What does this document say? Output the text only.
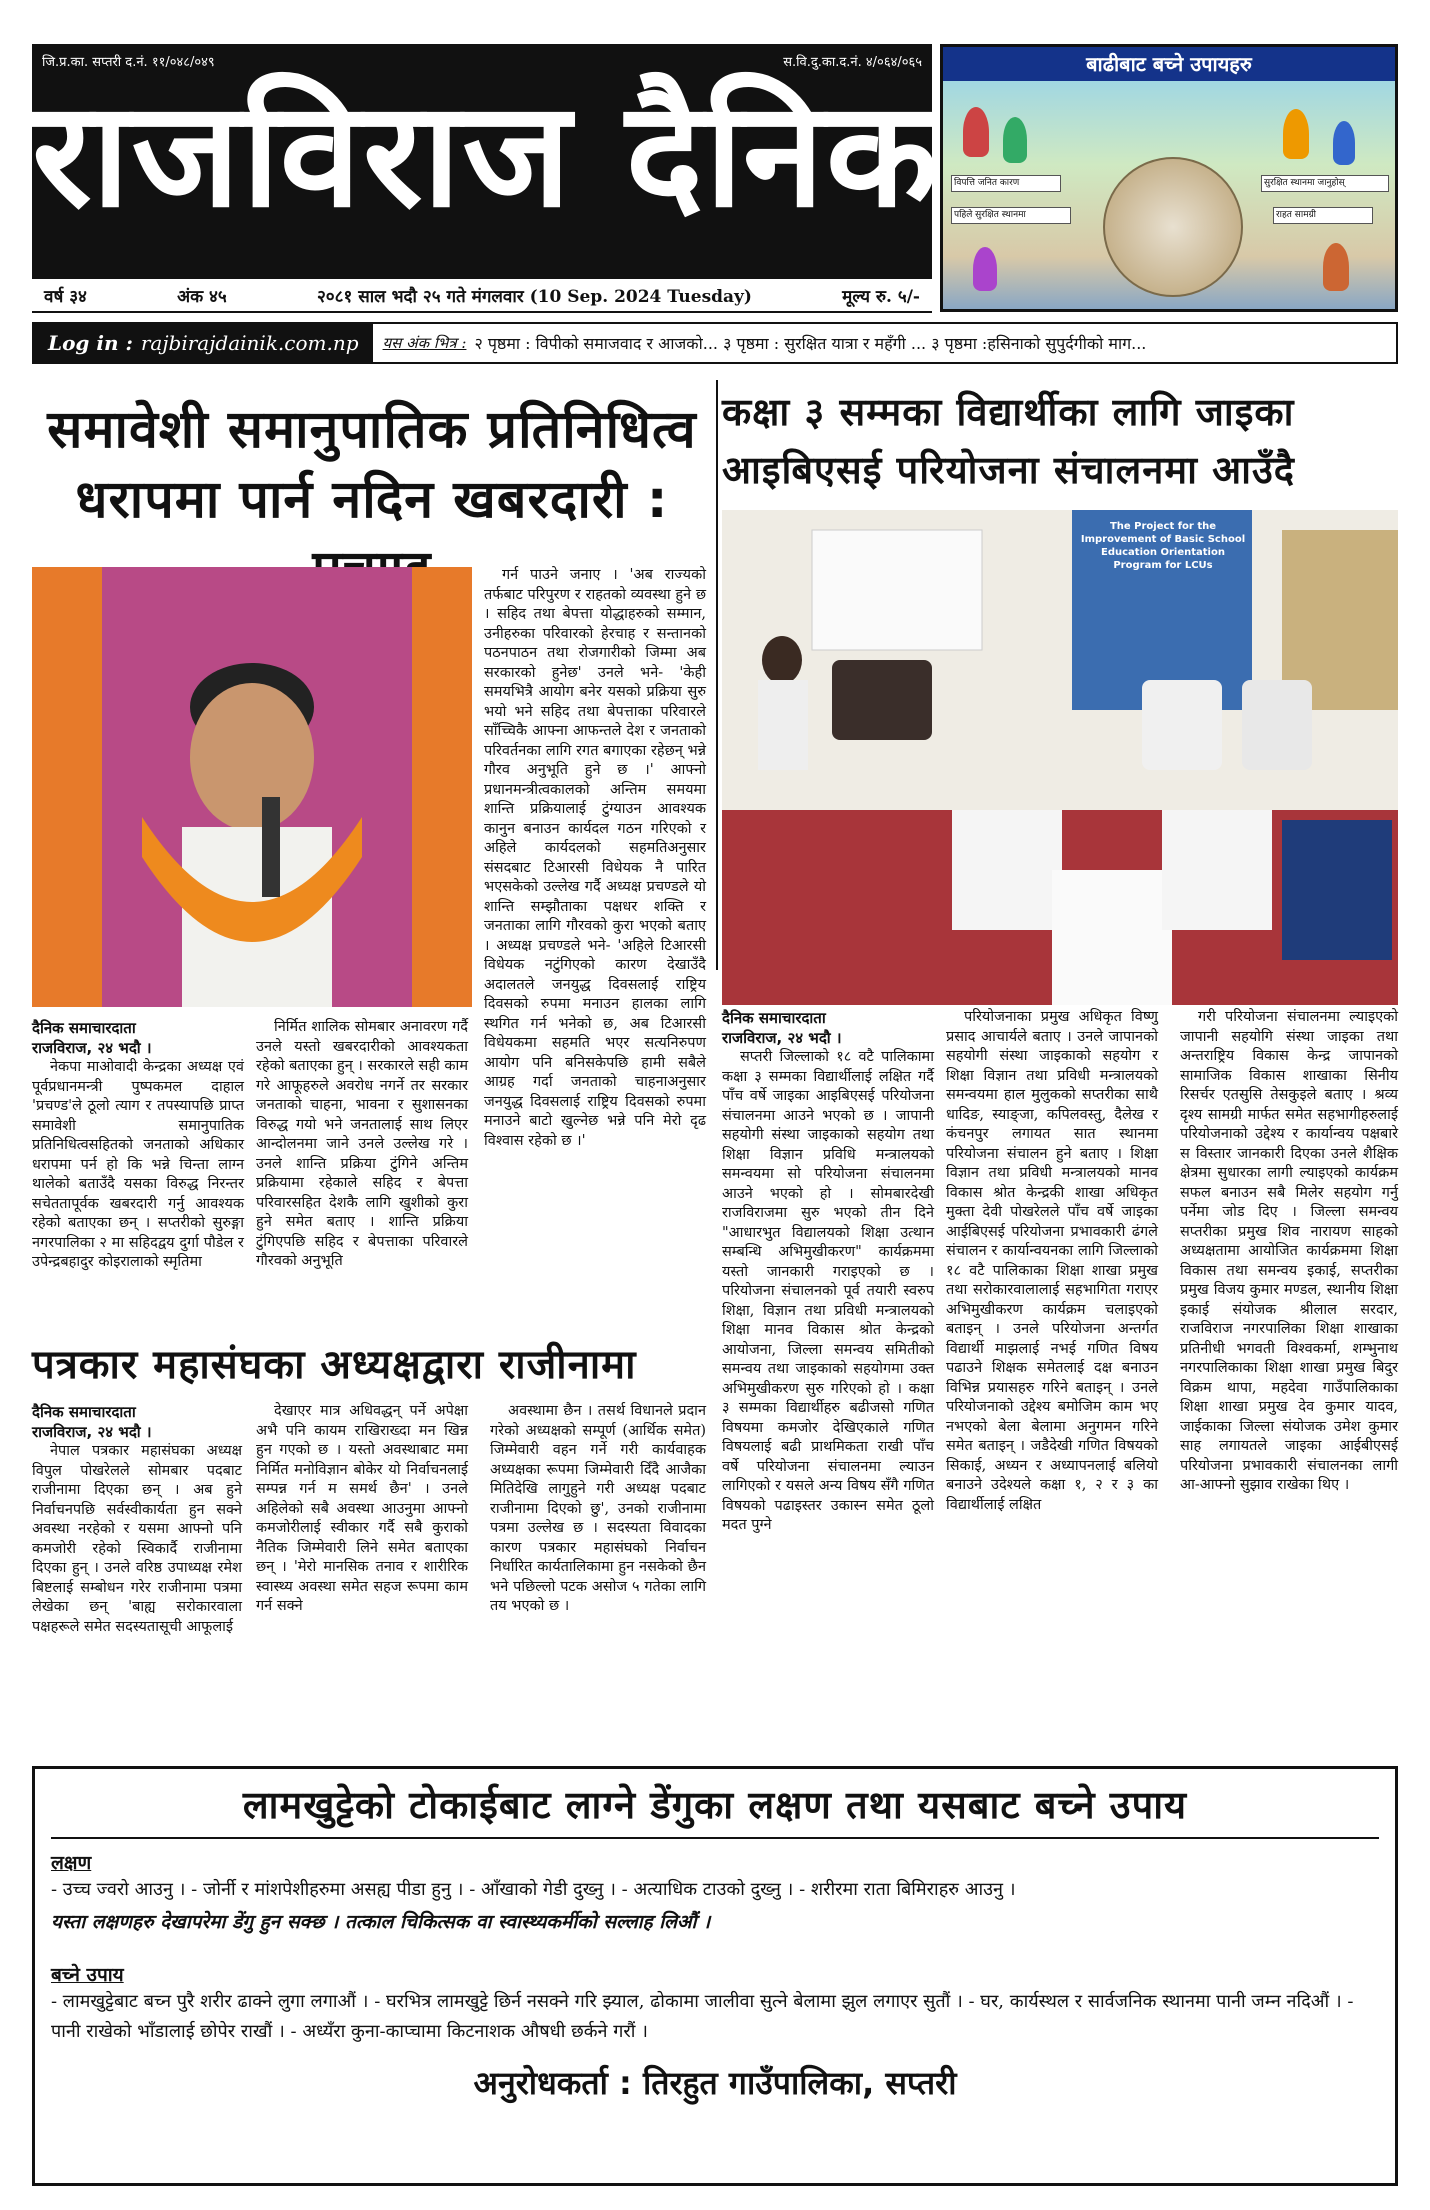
जि.प्र.का. सप्तरी द.नं. ११/०४८/०४९	स.वि.दु.का.द.नं. ४/०६४/०६५
राजविराज दैनिक
वर्ष ३४	अंक ४५	२०८१ साल भदौ २५ गते मंगलवार (10 Sep. 2024 Tuesday)	मूल्य रु. ५/-
बाढीबाट बच्ने उपायहरु
विपत्ति जनित कारण
पहिले सुरक्षित स्थानमा
सुरक्षित स्थानमा जानुहोस्
राहत सामग्री
Log in : rajbirajdainik.com.np यस अंक भित्र : २ पृष्ठमा : विपीको समाजवाद र आजको... ३ पृष्ठमा : सुरक्षित यात्रा र महँगी ... ३ पृष्ठमा :हसिनाको सुपुर्दगीको माग...
समावेशी समानुपातिक प्रतिनिधित्व धरापमा पार्न नदिन खबरदारी :
दैनिक समाचारदाता
राजविराज, २४ भदौ ।

नेकपा माओवादी केन्द्रका अध्यक्ष एवं पूर्वप्रधानमन्त्री पुष्पकमल दाहाल 'प्रचण्ड'ले ठूलो त्याग र तपस्यापछि प्राप्त समावेशी समानुपातिक प्रतिनिधित्वसहितको जनताको अधिकार धरापमा पर्न हो कि भन्ने चिन्ता लाग्न थालेको बताउँदै यसका विरुद्ध निरन्तर सचेततापूर्वक खबरदारी गर्नु आवश्यक रहेको बताएका छन् । सप्तरीको सुरुङ्गा नगरपालिका २ मा सहिदद्वय दुर्गा पौडेल र उपेन्द्रबहादुर कोइरालाको स्मृतिमा

निर्मित शालिक सोमबार अनावरण गर्दै उनले यस्तो खबरदारीको आवश्यकता रहेको बताएका हुन् । सरकारले सही काम गरे आफूहरुले अवरोध नगर्ने तर सरकार जनताको चाहना, भावना र सुशासनका विरुद्ध गयो भने जनतालाई साथ लिएर आन्दोलनमा जाने उनले उल्लेख गरे । उनले शान्ति प्रक्रिया टुंगिने अन्तिम प्रक्रियामा रहेकाले सहिद र बेपत्ता परिवारसहित देशकै लागि खुशीको कुरा हुने समेत बताए । शान्ति प्रक्रिया टुंगिएपछि सहिद र बेपत्ताका परिवारले गौरवको अनुभूति

गर्न पाउने जनाए । 'अब राज्यको तर्फबाट परिपुरण र राहतको व्यवस्था हुने छ । सहिद तथा बेपत्ता योद्धाहरुको सम्मान, उनीहरुका परिवारको हेरचाह र सन्तानको पठनपाठन तथा रोजगारीको जिम्मा अब सरकारको हुनेछ' उनले भने- 'केही समयभित्रै आयोग बनेर यसको प्रक्रिया सुरु भयो भने सहिद तथा बेपत्ताका परिवारले साँच्चिकै आफ्ना आफन्तले देश र जनताको परिवर्तनका लागि रगत बगाएका रहेछन् भन्ने गौरव अनुभूति हुने छ ।' आफ्नो प्रधानमन्त्रीत्वकालको अन्तिम समयमा शान्ति प्रक्रियालाई टुंग्याउन आवश्यक कानुन बनाउन कार्यदल गठन गरिएको र अहिले कार्यदलको सहमतिअनुसार संसदबाट टिआरसी विधेयक नै पारित भएसकेको उल्लेख गर्दै अध्यक्ष प्रचण्डले यो शान्ति सम्झौताका पक्षधर शक्ति र जनताका लागि गौरवको कुरा भएको बताए । अध्यक्ष प्रचण्डले भने- 'अहिले टिआरसी विधेयक नटुंगिएको कारण देखाउँदै अदालतले जनयुद्ध दिवसलाई राष्ट्रिय दिवसको रुपमा मनाउन हालका लागि स्थगित गर्न भनेको छ, अब टिआरसी विधेयकमा सहमति भएर सत्यनिरुपण आयोग पनि बनिसकेपछि हामी सबैले आग्रह गर्दा जनताको चाहनाअनुसार जनयुद्ध दिवसलाई राष्ट्रिय दिवसको रुपमा मनाउने बाटो खुल्नेछ भन्ने पनि मेरो दृढ विश्वास रहेको छ ।'

कक्षा ३ सम्मका विद्यार्थीका लागि जाइका आइबिएसई परियोजना संचालनमा आउँदै
The Project for the Improvement of Basic School Education Orientation Program for LCUs
दैनिक समाचारदाता
राजविराज, २४ भदौ ।

सप्तरी जिल्लाको १८ वटै पालिकामा कक्षा ३ सम्मका विद्यार्थीलाई लक्षित गर्दै पाँच वर्षे जाइका आइबिएसई परियोजना संचालनमा आउने भएको छ । जापानी सहयोगी संस्था जाइकाको सहयोग तथा शिक्षा विज्ञान प्रविधि मन्त्रालयको समन्वयमा सो परियोजना संचालनमा आउने भएको हो । सोमबारदेखी राजविराजमा सुरु भएको तीन दिने "आधारभुत विद्यालयको शिक्षा उत्थान सम्बन्धि अभिमुखीकरण" कार्यक्रममा यस्तो जानकारी गराइएको छ । परियोजना संचालनको पूर्व तयारी स्वरुप शिक्षा, विज्ञान तथा प्रविधी मन्त्रालयको शिक्षा मानव विकास श्रोत केन्द्रको आयोजना, जिल्ला समन्वय समितीको समन्वय तथा जाइकाको सहयोगमा उक्त अभिमुखीकरण सुरु गरिएको हो । कक्षा ३ सम्मका विद्यार्थीहरु बढीजसो गणित विषयमा कमजोर देखिएकाले गणित विषयलाई बढी प्राथमिकता राखी पाँच वर्षे परियोजना संचालनमा ल्याउन लागिएको र यसले अन्य विषय सँगै गणित विषयको पढाइस्तर उकास्न समेत ठूलो मदत पुग्ने

परियोजनाका प्रमुख अधिकृत विष्णु प्रसाद आचार्यले बताए । उनले जापानको सहयोगी संस्था जाइकाको सहयोग र शिक्षा विज्ञान तथा प्रविधी मन्त्रालयको समन्वयमा हाल मुलुकको सप्तरीका साथै धादिङ, स्याङ्जा, कपिलवस्तु, दैलेख र कंचनपुर लगायत सात स्थानमा परियोजना संचालन हुने बताए । शिक्षा विज्ञान तथा प्रविधी मन्त्रालयको मानव विकास श्रोत केन्द्रकी शाखा अधिकृत मुक्ता देवी पोखरेलले पाँच वर्षे जाइका आईबिएसई परियोजना प्रभावकारी ढंगले संचालन र कार्यान्वयनका लागि जिल्लाको १८ वटै पालिकाका शिक्षा शाखा प्रमुख तथा सरोकारवालालाई सहभागिता गराएर अभिमुखीकरण कार्यक्रम चलाइएको बताइन् । उनले परियोजना अन्तर्गत विद्यार्थी माझलाई नभई गणित विषय पढाउने शिक्षक समेतलाई दक्ष बनाउन विभिन्न प्रयासहरु गरिने बताइन् । उनले परियोजनाको उद्देश्य बमोजिम काम भए नभएको बेला बेलामा अनुगमन गरिने समेत बताइन् । जडैदेखी गणित विषयको सिकाई, अध्यन र अध्यापनलाई बलियो बनाउने उदेश्यले कक्षा १, २ र ३ का विद्यार्थीलाई लक्षित

गरी परियोजना संचालनमा ल्याइएको जापानी सहयोगि संस्था जाइका तथा अन्तराष्ट्रिय विकास केन्द्र जापानको सामाजिक विकास शाखाका सिनीय रिसर्चर एतसुसि तेसकुइले बताए । श्रव्य दृश्य सामग्री मार्फत समेत सहभागीहरुलाई परियोजनाको उद्देश्य र कार्यान्वय पक्षबारे स विस्तार जानकारी दिएका उनले शैक्षिक क्षेत्रमा सुधारका लागी ल्याइएको कार्यक्रम सफल बनाउन सबै मिलेर सहयोग गर्नु पर्नेमा जोड दिए । जिल्ला समन्वय सप्तरीका प्रमुख शिव नारायण साहको अध्यक्षतामा आयोजित कार्यक्रममा शिक्षा विकास तथा समन्वय इकाई, सप्तरीका प्रमुख विजय कुमार मण्डल, स्थानीय शिक्षा इकाई संयोजक श्रीलाल सरदार, राजविराज नगरपालिका शिक्षा शाखाका प्रतिनीधी भगवती विश्वकर्मा, शम्भुनाथ नगरपालिकाका शिक्षा शाखा प्रमुख बिदुर विक्रम थापा, महदेवा गाउँपालिकाका शिक्षा शाखा प्रमुख देव कुमार यादव, जाईकाका जिल्ला संयोजक उमेश कुमार साह लगायतले जाइका आईबीएसई परियोजना प्रभावकारी संचालनका लागी आ-आफ्नो सुझाव राखेका थिए ।

पत्रकार महासंघका अध्यक्षद्वारा राजीनामा
दैनिक समाचारदाता
राजविराज, २४ भदौ ।

नेपाल पत्रकार महासंघका अध्यक्ष विपुल पोखरेलले सोमबार पदबाट राजीनामा दिएका छन् । अब हुने निर्वाचनपछि सर्वस्वीकार्यता हुन सक्ने अवस्था नरहेको र यसमा आफ्नो पनि कमजोरी रहेको स्विकार्दै राजीनामा दिएका हुन् । उनले वरिष्ठ उपाध्यक्ष रमेश बिष्टलाई सम्बोधन गरेर राजीनामा पत्रमा लेखेका छन् 'बाह्य सरोकारवाला पक्षहरूले समेत सदस्यतासूची आफूलाई

देखाएर मात्र अधिवद्धन् पर्ने अपेक्षा अभै पनि कायम राखिराख्दा मन खिन्न हुन गएको छ । यस्तो अवस्थाबाट ममा निर्मित मनोविज्ञान बोकेर यो निर्वाचनलाई सम्पन्न गर्न म समर्थ छैन' । उनले अहिलेको सबै अवस्था आउनुमा आफ्नो कमजोरीलाई स्वीकार गर्दै सबै कुराको नैतिक जिम्मेवारी लिने समेत बताएका छन् । 'मेरो मानसिक तनाव र शारीरिक स्वास्थ्य अवस्था समेत सहज रूपमा काम गर्न सक्ने

अवस्थामा छैन । तसर्थ विधानले प्रदान गरेको अध्यक्षको सम्पूर्ण (आर्थिक समेत) जिम्मेवारी वहन गर्ने गरी कार्यवाहक अध्यक्षका रूपमा जिम्मेवारी दिँदै आजैका मितिदेखि लागुहुने गरी अध्यक्ष पदबाट राजीनामा दिएको छु', उनको राजीनामा पत्रमा उल्लेख छ । सदस्यता विवादका कारण पत्रकार महासंघको निर्वाचन निर्धारित कार्यतालिकामा हुन नसकेको छैन भने पछिल्लो पटक असोज ५ गतेका लागि तय भएको छ ।

लामखुट्टेको टोकाईबाट लाग्ने डेंगुका लक्षण तथा यसबाट बच्ने उपाय
लक्षण
- उच्च ज्वरो आउनु । - जोर्नी र मांशपेशीहरुमा असह्य पीडा हुनु । - आँखाको गेडी दुख्नु । - अत्याधिक टाउको दुख्नु । - शरीरमा राता बिमिराहरु आउनु ।
यस्ता लक्षणहरु देखापरेमा डेंगु हुन सक्छ । तत्काल चिकित्सक वा स्वास्थ्यकर्मीको सल्लाह लिऔं ।
बच्ने उपाय
- लामखुट्टेबाट बच्न पुरै शरीर ढाक्ने लुगा लगाऔं । - घरभित्र लामखुट्टे छिर्न नसक्ने गरि झ्याल, ढोकामा जालीवा सुत्ने बेलामा झुल लगाएर सुतौं । - घर, कार्यस्थल र सार्वजनिक स्थानमा पानी जम्न नदिऔं । - पानी राखेको भाँडालाई छोपेर राखौं । - अध्यँरा कुना-काप्चामा किटनाशक औषधी छर्कने गरौं ।
अनुरोधकर्ता : तिरहुत गाउँपालिका, सप्तरी
